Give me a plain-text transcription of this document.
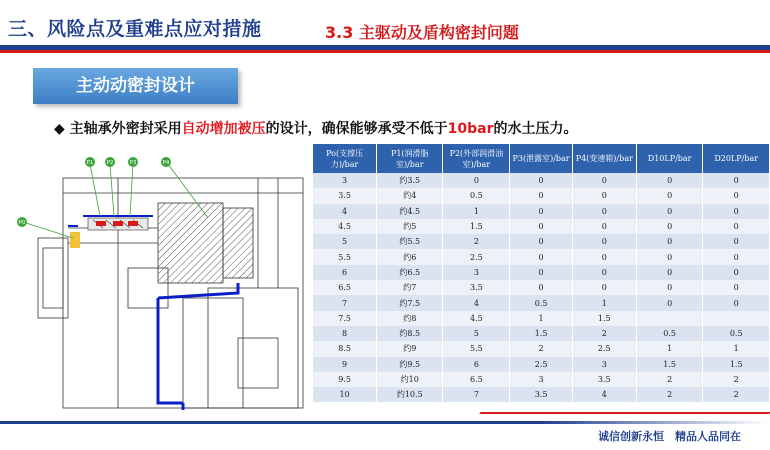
三、风险点及重难点应对措施	3.3 主驱动及盾构密封问题
主动动密封设计
◆ 主轴承外密封采用自动增加被压的设计，确保能够承受不低于10bar的水土压力。
P1 P2	P3	P4
P0
Po(支撑压力)/bar	P1(润滑脂室)/bar	P2(外部润滑油室)/bar	P3(泄露室)/bar	P4(变速箱)/bar	D10LP/bar	D20LP/bar
3	约3.5	0	0	0	0	0
3.5	约4	0.5	0	0	0	0
4	约4.5	1	0	0	0	0
4.5	约5	1.5	0	0	0	0
5	约5.5	2	0	0	0	0
5.5	约6	2.5	0	0	0	0
6	约6.5	3	0	0	0	0
6.5	约7	3.5	0	0	0	0
7	约7.5	4	0.5	1	0	0
7.5	约8	4.5	1	1.5		
8	约8.5	5	1.5	2	0.5	0.5
8.5	约9	5.5	2	2.5	1	1
9	约9.5	6	2.5	3	1.5	1.5
9.5	约10	6.5	3	3.5	2	2
10	约10.5	7	3.5	4	2	2
诚信创新永恒　精品人品同在
